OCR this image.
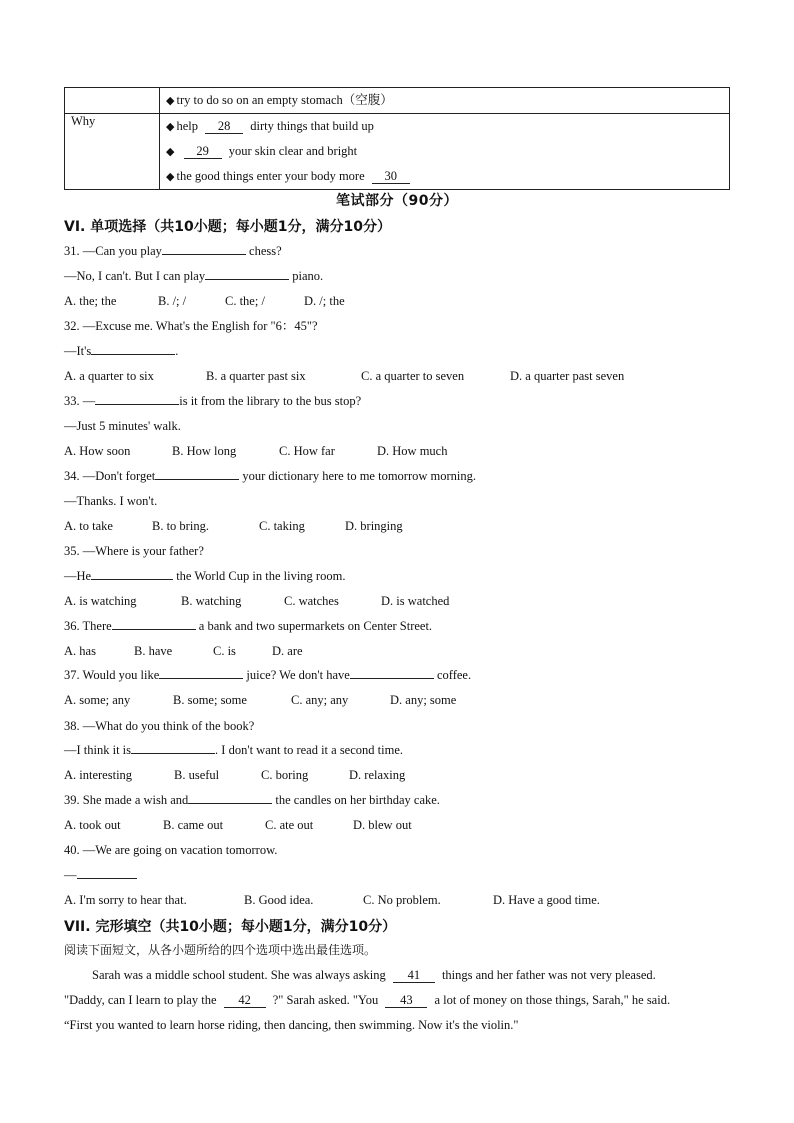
	◆ try to do so on an empty stomach（空腹）

Why	◆ help 28 dirty things that build up
◆ 29 your skin clear and bright
◆ the good things enter your body more 30
笔试部分（90分）
VI. 单项选择（共10小题；每小题1分，满分10分）
31. —Can you play	chess?
—No, I can't. But I can play	piano.
A. the; the	B. /; /	C. the; /	D. /; the
32. —Excuse me. What's the English for "6：45"?
—It's	.
A. a quarter to six	B. a quarter past six	C. a quarter to seven	D. a quarter past seven
33. —	is it from the library to the bus stop?
—Just 5 minutes' walk.
A. How soon	B. How long	C. How far	D. How much
34. —Don't forget	your dictionary here to me tomorrow morning.
—Thanks. I won't.
A. to take	B. to bring.	C. taking	D. bringing
35. —Where is your father?
—He	the World Cup in the living room.
A. is watching	B. watching	C. watches	D. is watched
36. There	a bank and two supermarkets on Center Street.
A. has	B. have	C. is	D. are
37. Would you like	juice? We don't have	coffee.
A. some; any	B. some; some	C. any; any	D. any; some
38. —What do you think of the book?
—I think it is	. I don't want to read it a second time.
A. interesting	B. useful	C. boring	D. relaxing
39. She made a wish and	the candles on her birthday cake.
A. took out	B. came out	C. ate out	D. blew out
40. —We are going on vacation tomorrow.
—
A. I'm sorry to hear that.	B. Good idea.	C. No problem.	D. Have a good time.
VII. 完形填空（共10小题；每小题1分，满分10分）
阅读下面短文，从各小题所给的四个选项中选出最佳选项。
Sarah was a middle school student. She was always asking 41 things and her father was not very pleased.
"Daddy, can I learn to play the 42 ?" Sarah asked. "You 43 a lot of money on those things, Sarah," he said.
“First you wanted to learn horse riding, then dancing, then swimming. Now it's the violin."
